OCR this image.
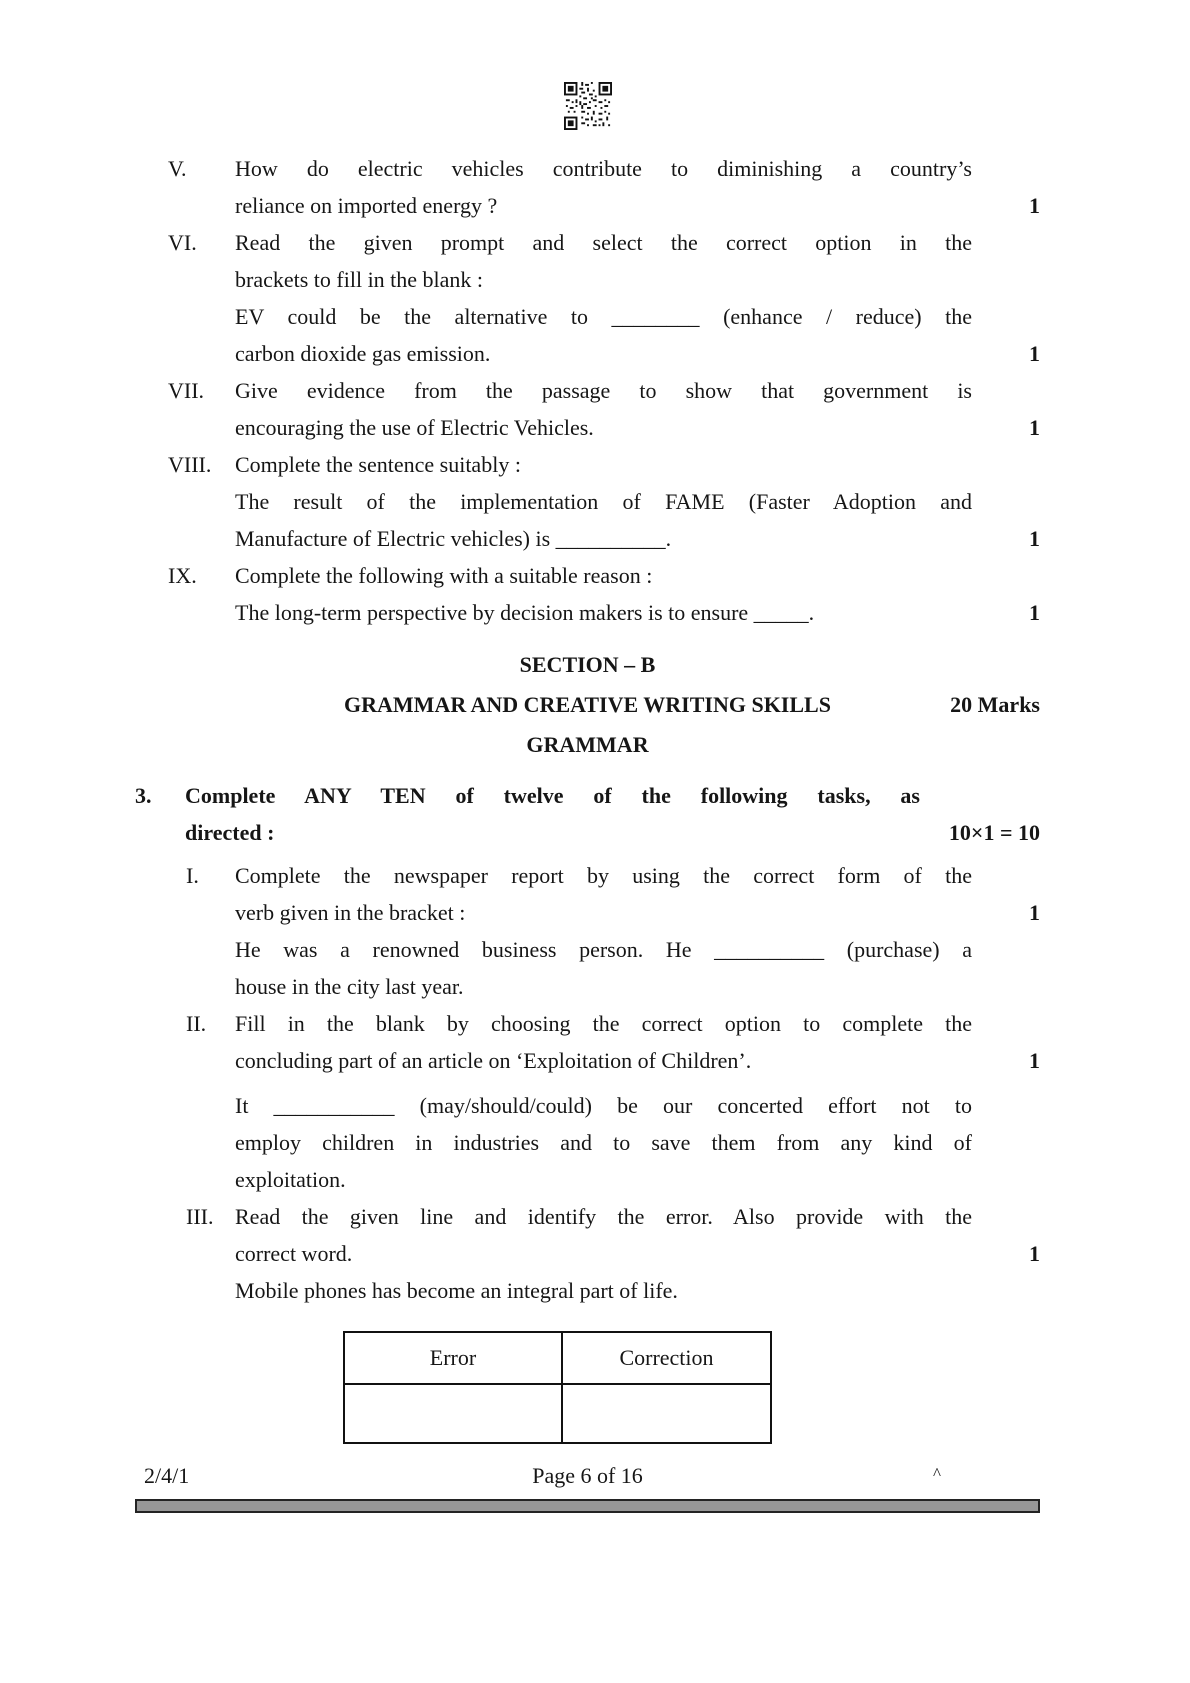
V.	How do electric vehicles contribute to diminishing a country’s
reliance on imported energy ?	1
VI.	Read the given prompt and select the correct option in the
brackets to fill in the blank :
EV could be the alternative to ________ (enhance / reduce) the
carbon dioxide gas emission.	1
VII.	Give evidence from the passage to show that government is
encouraging the use of Electric Vehicles.	1
VIII.	Complete the sentence suitably :
The result of the implementation of FAME (Faster Adoption and
Manufacture of Electric vehicles) is __________.	1
IX.	Complete the following with a suitable reason :
The long-term perspective by decision makers is to ensure _____.	1
SECTION – B
GRAMMAR AND CREATIVE WRITING SKILLS	20 Marks
GRAMMAR
3.	Complete ANY TEN of twelve of the following tasks, as
directed :	10×1 = 10
I.	Complete the newspaper report by using the correct form of the
verb given in the bracket :	1
He was a renowned business person. He __________ (purchase) a
house in the city last year.
II.	Fill in the blank by choosing the correct option to complete the
concluding part of an article on ‘Exploitation of Children’.	1
It ___________ (may/should/could) be our concerted effort not to
employ children in industries and to save them from any kind of
exploitation.
III. Read the given line and identify the error. Also provide with the
correct word.	1
Mobile phones has become an integral part of life.
Error	Correction

2/4/1	Page 6 of 16	^
